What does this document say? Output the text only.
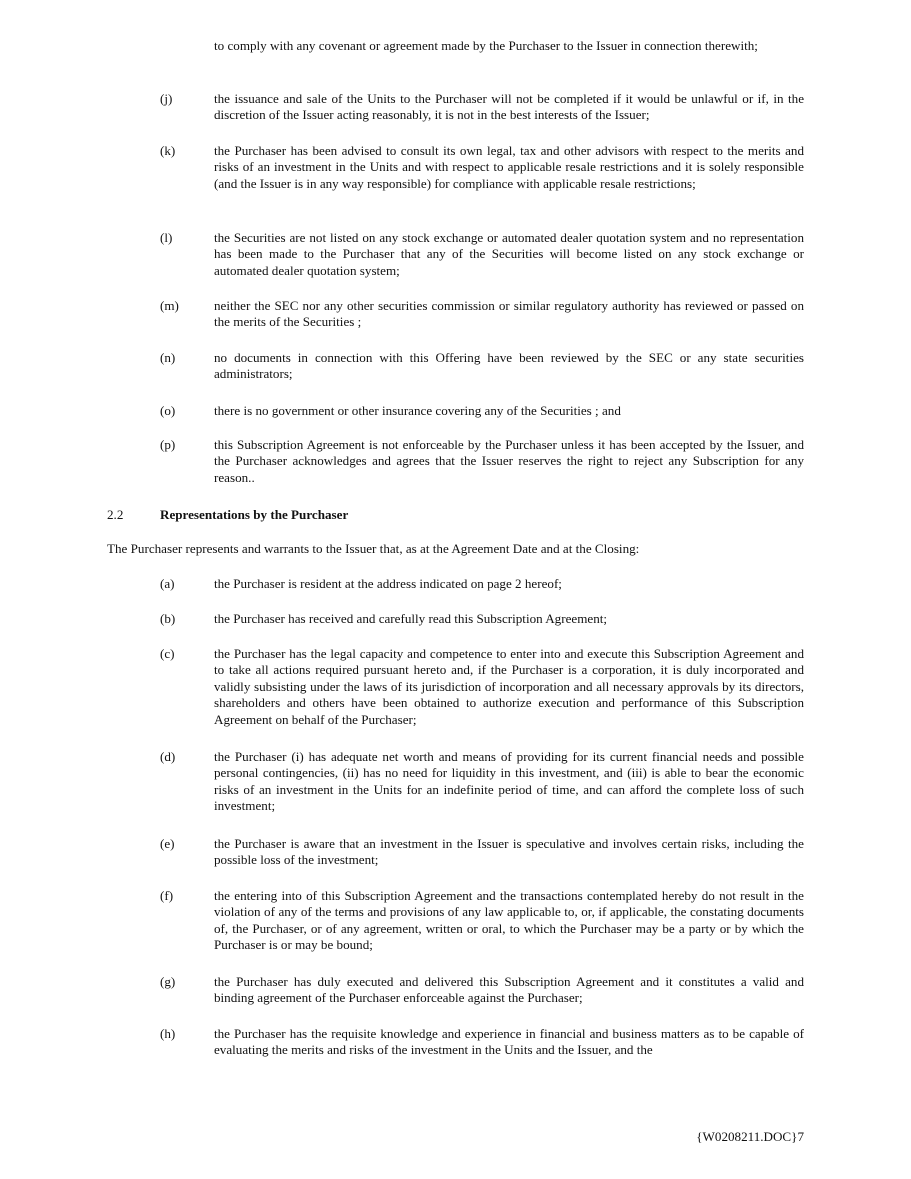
to comply with any covenant or agreement made by the Purchaser to the Issuer in connection therewith;
(j)	the issuance and sale of the Units to the Purchaser will not be completed if it would be unlawful or if, in the discretion of the Issuer acting reasonably, it is not in the best interests of the Issuer;
(k)	the Purchaser has been advised to consult its own legal, tax and other advisors with respect to the merits and risks of an investment in the Units and with respect to applicable resale restrictions and it is solely responsible (and the Issuer is in any way responsible) for compliance with applicable resale restrictions;
(l)	the Securities are not listed on any stock exchange or automated dealer quotation system and no representation has been made to the Purchaser that any of the Securities will become listed on any stock exchange or automated dealer quotation system;
(m)	neither the SEC nor any other securities commission or similar regulatory authority has reviewed or passed on the merits of the Securities ;
(n)	no documents in connection with this Offering have been reviewed by the SEC or any state securities administrators;
(o)	there is no government or other insurance covering any of the Securities ; and
(p)	this Subscription Agreement is not enforceable by the Purchaser unless it has been accepted by the Issuer, and the Purchaser acknowledges and agrees that the Issuer reserves the right to reject any Subscription for any reason..
2.2	Representations by the Purchaser
The Purchaser represents and warrants to the Issuer that, as at the Agreement Date and at the Closing:
(a)	the Purchaser is resident at the address indicated on page 2 hereof;
(b)	the Purchaser has received and carefully read this Subscription Agreement;
(c)	the Purchaser has the legal capacity and competence to enter into and execute this Subscription Agreement and to take all actions required pursuant hereto and, if the Purchaser is a corporation, it is duly incorporated and validly subsisting under the laws of its jurisdiction of incorporation and all necessary approvals by its directors, shareholders and others have been obtained to authorize execution and performance of this Subscription Agreement on behalf of the Purchaser;
(d)	the Purchaser (i) has adequate net worth and means of providing for its current financial needs and possible personal contingencies, (ii) has no need for liquidity in this investment, and (iii) is able to bear the economic risks of an investment in the Units for an indefinite period of time, and can afford the complete loss of such investment;
(e)	the Purchaser is aware that an investment in the Issuer is speculative and involves certain risks, including the possible loss of the investment;
(f)	the entering into of this Subscription Agreement and the transactions contemplated hereby do not result in the violation of any of the terms and provisions of any law applicable to, or, if applicable, the constating documents of, the Purchaser, or of any agreement, written or oral, to which the Purchaser may be a party or by which the Purchaser is or may be bound;
(g)	the Purchaser has duly executed and delivered this Subscription Agreement and it constitutes a valid and binding agreement of the Purchaser enforceable against the Purchaser;
(h)	the Purchaser has the requisite knowledge and experience in financial and business matters as to be capable of evaluating the merits and risks of the investment in the Units and the Issuer, and the
{W0208211.DOC}7
